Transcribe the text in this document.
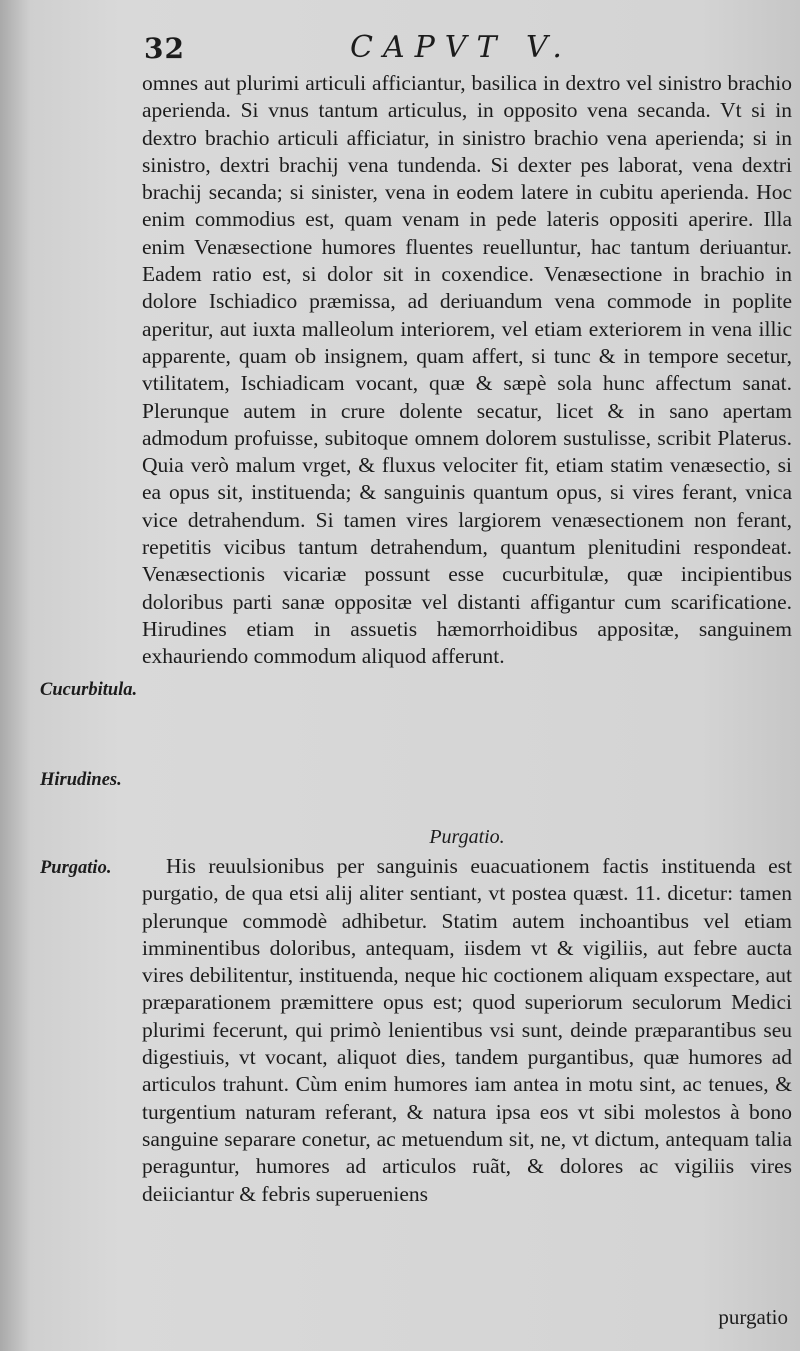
32	CAPVT V.

omnes aut plurimi articuli afficiantur, basilica in dextro vel sinistro brachio aperienda. Si vnus tantum articulus, in opposito vena secanda. Vt si in dextro brachio articuli afficiatur, in sinistro brachio vena aperienda; si in sinistro, dextri brachij vena tundenda. Si dexter pes laborat, vena dextri brachij secanda; si sinister, vena in eodem latere in cubitu aperienda. Hoc enim commodius est, quam venam in pede lateris oppositi aperire. Illa enim Venæsectione humores fluentes reuelluntur, hac tantum deriuantur. Eadem ratio est, si dolor sit in coxendice. Venæsectione in brachio in dolore Ischiadico præmissa, ad deriuandum vena commode in poplite aperitur, aut iuxta malleolum interiorem, vel etiam exteriorem in vena illic apparente, quam ob insignem, quam affert, si tunc & in tempore secetur, vtilitatem, Ischiadicam vocant, quæ & sæpè sola hunc affectum sanat. Plerunque autem in crure dolente secatur, licet & in sano apertam admodum profuisse, subitoque omnem dolorem sustulisse, scribit Platerus. Quia verò malum vrget, & fluxus velociter fit, etiam statim venæsectio, si ea opus sit, instituenda; & sanguinis quantum opus, si vires ferant, vnica vice detrahendum. Si tamen vires largiorem venæsectionem non ferant, repetitis vicibus tantum detrahendum, quantum plenitudini respondeat. Venæsectionis vicariæ possunt esse cucurbitulæ, quæ incipientibus doloribus parti sanæ oppositæ vel distanti affigantur cum scarificatione. Hirudines etiam in assuetis hæmorrhoidibus appositæ, sanguinem exhauriendo commodum aliquod afferunt.

Cucurbitula.
Hirudines.
Purgatio.
Purgatio.	His reuulsionibus per sanguinis euacuationem factis instituenda est purgatio, de qua etsi alij aliter sentiant, vt postea quæst. 11. dicetur: tamen plerunque commodè adhibetur. Statim autem inchoantibus vel etiam imminentibus doloribus, antequam, iisdem vt & vigiliis, aut febre aucta vires debilitentur, instituenda, neque hic coctionem aliquam exspectare, aut præparationem præmittere opus est; quod superiorum seculorum Medici plurimi fecerunt, qui primò lenientibus vsi sunt, deinde præparantibus seu digestiuis, vt vocant, aliquot dies, tandem purgantibus, quæ humores ad articulos trahunt. Cùm enim humores iam antea in motu sint, ac tenues, & turgentium naturam referant, & natura ipsa eos vt sibi molestos à bono sanguine separare conetur, ac metuendum sit, ne, vt dictum, antequam talia peraguntur, humores ad articulos ruãt, & dolores ac vigiliis vires deiiciantur & febris superueniens

purgatio
